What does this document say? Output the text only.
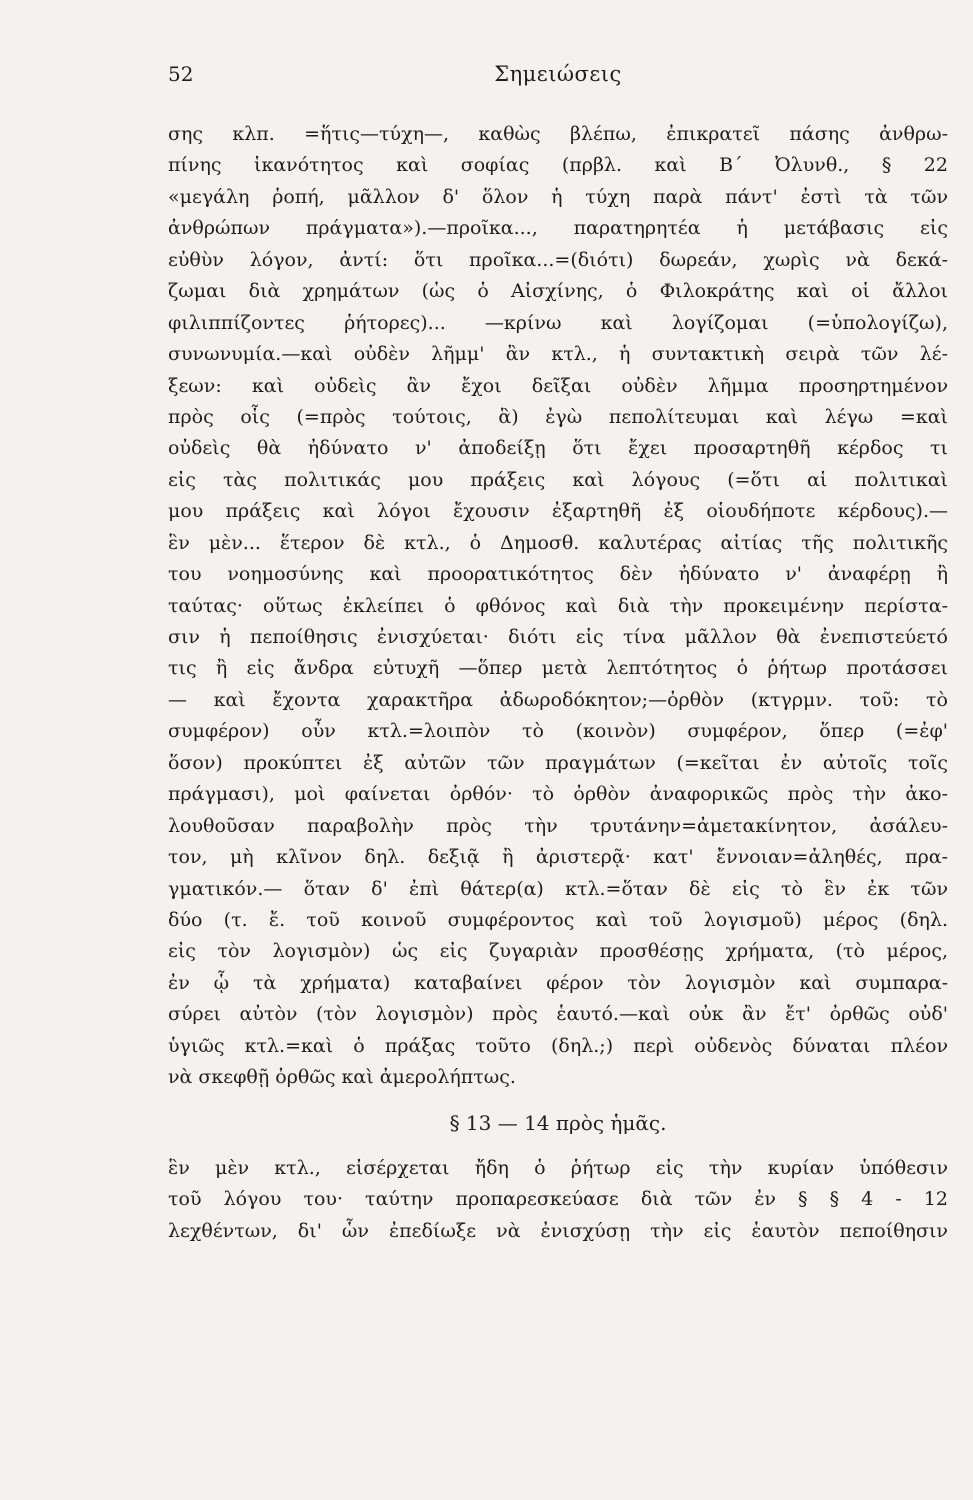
52	Σημειώσεις
σης κλπ. =ἥτις—τύχη—, καθὼς βλέπω, ἐπικρατεῖ πάσης ἀνθρω-
πίνης ἱκανότητος καὶ σοφίας (πρβλ. καὶ Β΄ Ὀλυνθ., § 22
«μεγάλη ῥοπή, μᾶλλον δ' ὅλον ἡ τύχη παρὰ πάντ' ἐστὶ τὰ τῶν
ἀνθρώπων πράγματα»).—προῖκα..., παρατηρητέα ἡ μετάβασις εἰς
εὐθὺν λόγον, ἀντί: ὅτι προῖκα...=(διότι) δωρεάν, χωρὶς νὰ δεκά-
ζωμαι διὰ χρημάτων (ὡς ὁ Αἰσχίνης, ὁ Φιλοκράτης καὶ οἱ ἄλλοι
φιλιππίζοντες ῥήτορες)... —κρίνω καὶ λογίζομαι (=ὑπολογίζω),
συνωνυμία.—καὶ οὐδὲν λῆμμ' ἂν κτλ., ἡ συντακτικὴ σειρὰ τῶν λέ-
ξεων: καὶ οὐδεὶς ἂν ἔχοι δεῖξαι οὐδὲν λῆμμα προσηρτημένον
πρὸς οἷς (=πρὸς τούτοις, ἃ) ἐγὼ πεπολίτευμαι καὶ λέγω =καὶ
οὐδεὶς θὰ ἠδύνατο ν' ἀποδείξῃ ὅτι ἔχει προσαρτηθῆ κέρδος τι
εἰς τὰς πολιτικάς μου πράξεις καὶ λόγους (=ὅτι αἱ πολιτικαὶ
μου πράξεις καὶ λόγοι ἔχουσιν ἐξαρτηθῆ ἐξ οἱουδήποτε κέρδους).—
ἓν μὲν... ἕτερον δὲ κτλ., ὁ Δημοσθ. καλυτέρας αἰτίας τῆς πολιτικῆς
του νοημοσύνης καὶ προορατικότητος δὲν ἠδύνατο ν' ἀναφέρῃ ἢ
ταύτας· οὕτως ἐκλείπει ὁ φθόνος καὶ διὰ τὴν προκειμένην περίστα-
σιν ἡ πεποίθησις ἐνισχύεται· διότι εἰς τίνα μᾶλλον θὰ ἐνεπιστεύετό
τις ἢ εἰς ἄνδρα εὐτυχῆ —ὅπερ μετὰ λεπτότητος ὁ ῥήτωρ προτάσσει
— καὶ ἔχοντα χαρακτῆρα ἀδωροδόκητον;—ὀρθὸν (κτγρμν. τοῦ: τὸ
συμφέρον) οὖν κτλ.=λοιπὸν τὸ (κοινὸν) συμφέρον, ὅπερ (=ἐφ'
ὅσον) προκύπτει ἐξ αὐτῶν τῶν πραγμάτων (=κεῖται ἐν αὐτοῖς τοῖς
πράγμασι), μοὶ φαίνεται ὀρθόν· τὸ ὀρθὸν ἀναφορικῶς πρὸς τὴν ἀκο-
λουθοῦσαν παραβολὴν πρὸς τὴν τρυτάνην=ἀμετακίνητον, ἀσάλευ-
τον, μὴ κλῖνον δηλ. δεξιᾷ ἢ ἀριστερᾷ· κατ' ἔννοιαν=ἀληθές, πρα-
γματικόν.— ὅταν δ' ἐπὶ θάτερ(α) κτλ.=ὅταν δὲ εἰς τὸ ἓν ἐκ τῶν
δύο (τ. ἔ. τοῦ κοινοῦ συμφέροντος καὶ τοῦ λογισμοῦ) μέρος (δηλ.
εἰς τὸν λογισμὸν) ὡς εἰς ζυγαριὰν προσθέσῃς χρήματα, (τὸ μέρος,
ἐν ᾧ τὰ χρήματα) καταβαίνει φέρον τὸν λογισμὸν καὶ συμπαρα-
σύρει αὐτὸν (τὸν λογισμὸν) πρὸς ἑαυτό.—καὶ οὐκ ἂν ἔτ' ὀρθῶς οὐδ'
ὑγιῶς κτλ.=καὶ ὁ πράξας τοῦτο (δηλ.;) περὶ οὐδενὸς δύναται πλέον
νὰ σκεφθῇ ὀρθῶς καὶ ἀμερολήπτως.
§ 13 — 14 πρὸς ἡμᾶς.
ἓν μὲν κτλ., εἰσέρχεται ἤδη ὁ ῥήτωρ εἰς τὴν κυρίαν ὑπόθεσιν
τοῦ λόγου του· ταύτην προπαρεσκεύασε διὰ τῶν ἐν § § 4 - 12
λεχθέντων, δι' ὧν ἐπεδίωξε νὰ ἐνισχύσῃ τὴν εἰς ἑαυτὸν πεποίθησιν
